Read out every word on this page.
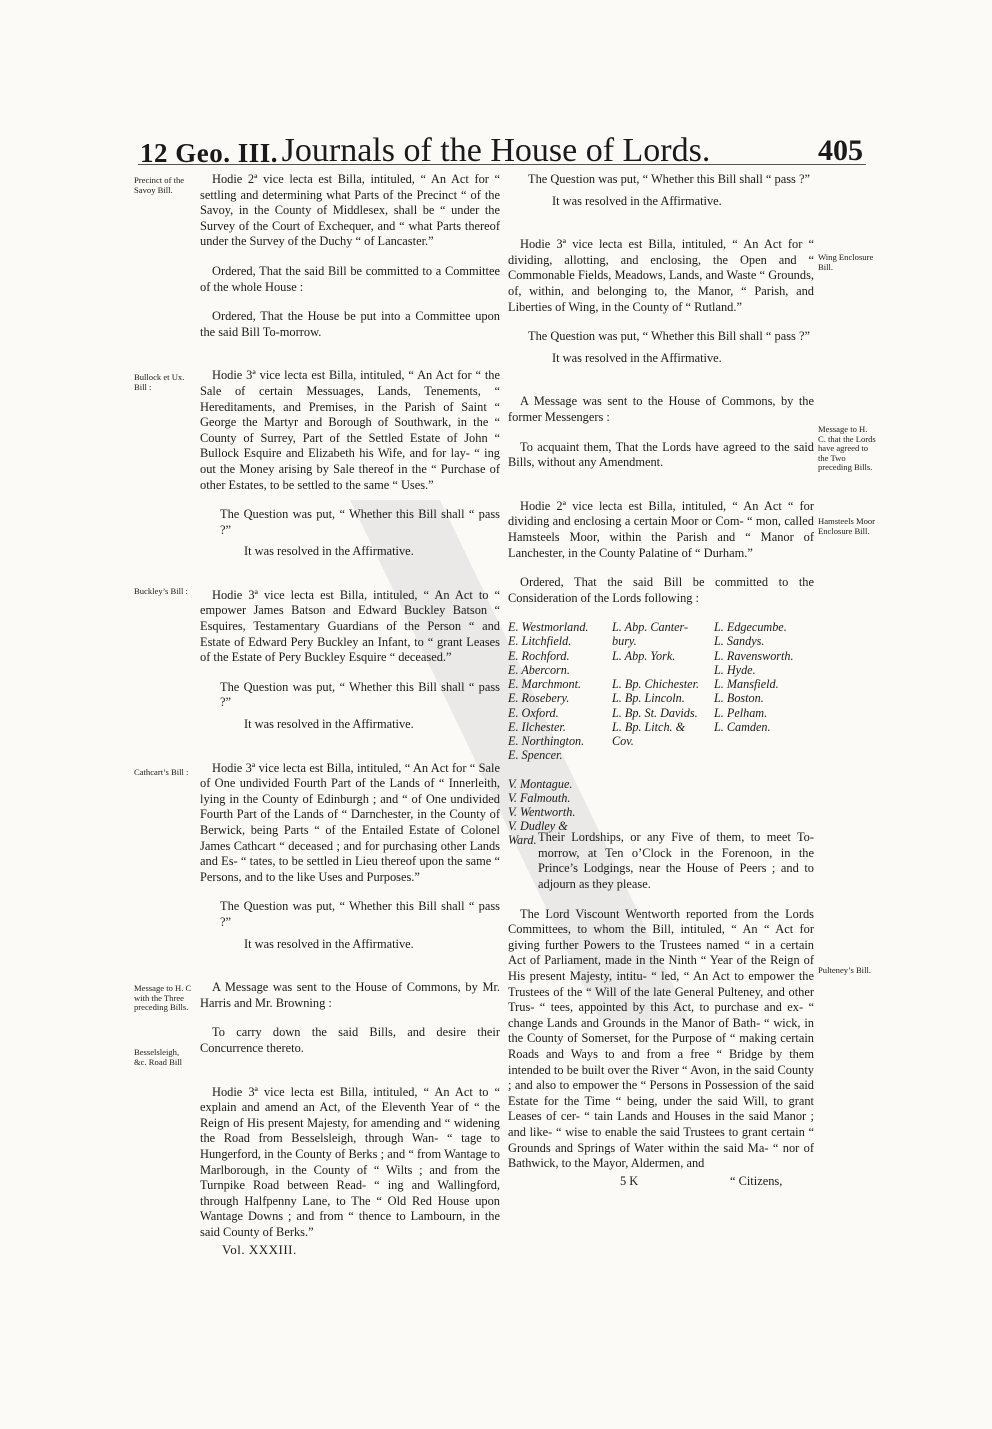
12 Geo. III. Journals of the House of Lords.	405
Precinct of the Savoy Bill.
Bullock et Ux. Bill :
Buckley’s Bill :
Cathcart’s Bill :
Message to H. C with the Three preceding Bills.
Besselsleigh, &c. Road Bill
Wing Enclosure Bill.
Message to H. C. that the Lords have agreed to the Two preceding Bills.
Hamsteels Moor Enclosure Bill.
Pulteney’s Bill.

Hodie 2ª vice lecta est Billa, intituled, “ An Act for “ settling and determining what Parts of the Precinct “ of the Savoy, in the County of Middlesex, shall be “ under the Survey of the Court of Exchequer, and “ what Parts thereof under the Survey of the Duchy “ of Lancaster.”

Ordered, That the said Bill be committed to a Committee of the whole House :

Ordered, That the House be put into a Committee upon the said Bill To-morrow.

Hodie 3ª vice lecta est Billa, intituled, “ An Act for “ the Sale of certain Messuages, Lands, Tenements, “ Hereditaments, and Premises, in the Parish of Saint “ George the Martyr and Borough of Southwark, in the “ County of Surrey, Part of the Settled Estate of John “ Bullock Esquire and Elizabeth his Wife, and for lay- “ ing out the Money arising by Sale thereof in the “ Purchase of other Estates, to be settled to the same “ Uses.”

The Question was put, “ Whether this Bill shall “ pass ?”

It was resolved in the Affirmative.

Hodie 3ª vice lecta est Billa, intituled, “ An Act to “ empower James Batson and Edward Buckley Batson “ Esquires, Testamentary Guardians of the Person “ and Estate of Edward Pery Buckley an Infant, to “ grant Leases of the Estate of Pery Buckley Esquire “ deceased.”

The Question was put, “ Whether this Bill shall “ pass ?”

It was resolved in the Affirmative.

Hodie 3ª vice lecta est Billa, intituled, “ An Act for “ Sale of One undivided Fourth Part of the Lands of “ Innerleith, lying in the County of Edinburgh ; and “ of One undivided Fourth Part of the Lands of “ Darnchester, in the County of Berwick, being Parts “ of the Entailed Estate of Colonel James Cathcart “ deceased ; and for purchasing other Lands and Es- “ tates, to be settled in Lieu thereof upon the same “ Persons, and to the like Uses and Purposes.”

The Question was put, “ Whether this Bill shall “ pass ?”

It was resolved in the Affirmative.

A Message was sent to the House of Commons, by Mr. Harris and Mr. Browning :

To carry down the said Bills, and desire their Concurrence thereto.

Hodie 3ª vice lecta est Billa, intituled, “ An Act to “ explain and amend an Act, of the Eleventh Year of “ the Reign of His present Majesty, for amending and “ widening the Road from Besselsleigh, through Wan- “ tage to Hungerford, in the County of Berks ; and “ from Wantage to Marlborough, in the County of “ Wilts ; and from the Turnpike Road between Read- “ ing and Wallingford, through Halfpenny Lane, to The “ Old Red House upon Wantage Downs ; and from “ thence to Lambourn, in the said County of Berks.”

Vol. XXXIII.

The Question was put, “ Whether this Bill shall “ pass ?”

It was resolved in the Affirmative.

Hodie 3ª vice lecta est Billa, intituled, “ An Act for “ dividing, allotting, and enclosing, the Open and “ Commonable Fields, Meadows, Lands, and Waste “ Grounds, of, within, and belonging to, the Manor, “ Parish, and Liberties of Wing, in the County of “ Rutland.”

The Question was put, “ Whether this Bill shall “ pass ?”

It was resolved in the Affirmative.

A Message was sent to the House of Commons, by the former Messengers :

To acquaint them, That the Lords have agreed to the said Bills, without any Amendment.

Hodie 2ª vice lecta est Billa, intituled, “ An Act “ for dividing and enclosing a certain Moor or Com- “ mon, called Hamsteels Moor, within the Parish and “ Manor of Lanchester, in the County Palatine of “ Durham.”

Ordered, That the said Bill be committed to the Consideration of the Lords following :

E. Westmorland.
E. Litchfield.
E. Rochford.
E. Abercorn.
E. Marchmont.
E. Rosebery.
E. Oxford.
E. Ilchester.
E. Northington.
E. Spencer.

V. Montague.
V. Falmouth.
V. Wentworth.
V. Dudley &
Ward.
L. Abp. Canter-
bury.
L. Abp. York.

L. Bp. Chichester.
L. Bp. Lincoln.
L. Bp. St. Davids.
L. Bp. Litch. &
Cov.
L. Edgecumbe.
L. Sandys.
L. Ravensworth.
L. Hyde.
L. Mansfield.
L. Boston.
L. Pelham.
L. Camden.

Their Lordships, or any Five of them, to meet To-morrow, at Ten o’Clock in the Forenoon, in the Prince’s Lodgings, near the House of Peers ; and to adjourn as they please.

The Lord Viscount Wentworth reported from the Lords Committees, to whom the Bill, intituled, “ An “ Act for giving further Powers to the Trustees named “ in a certain Act of Parliament, made in the Ninth “ Year of the Reign of His present Majesty, intitu- “ led, “ An Act to empower the Trustees of the “ Will of the late General Pulteney, and other Trus- “ tees, appointed by this Act, to purchase and ex- “ change Lands and Grounds in the Manor of Bath- “ wick, in the County of Somerset, for the Purpose of “ making certain Roads and Ways to and from a free “ Bridge by them intended to be built over the River “ Avon, in the said County ; and also to empower the “ Persons in Possession of the said Estate for the Time “ being, under the said Will, to grant Leases of cer- “ tain Lands and Houses in the said Manor ; and like- “ wise to enable the said Trustees to grant certain “ Grounds and Springs of Water within the said Ma- “ nor of Bathwick, to the Mayor, Aldermen, and

5 K	“ Citizens,
